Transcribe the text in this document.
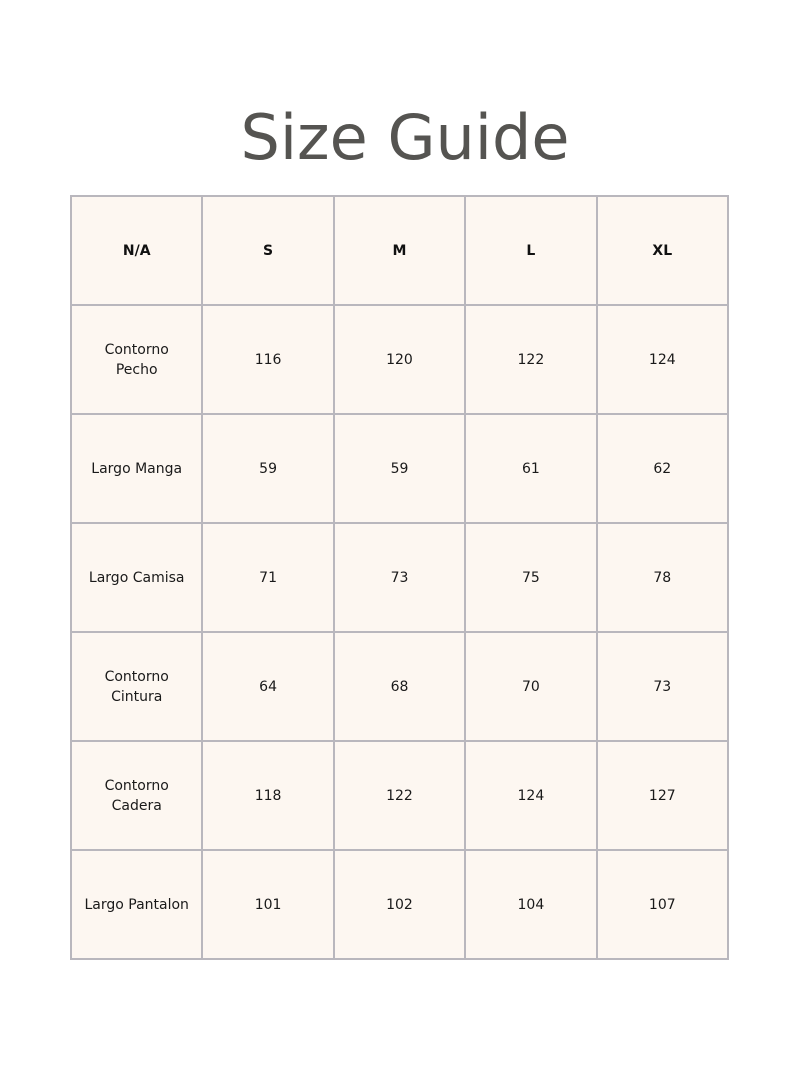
Size Guide
N/A	S	M	L	XL
Contorno Pecho	116	120	122	124
Largo Manga	59	59	61	62
Largo Camisa	71	73	75	78
Contorno Cintura	64	68	70	73
Contorno Cadera	118	122	124	127
Largo Pantalon	101	102	104	107
